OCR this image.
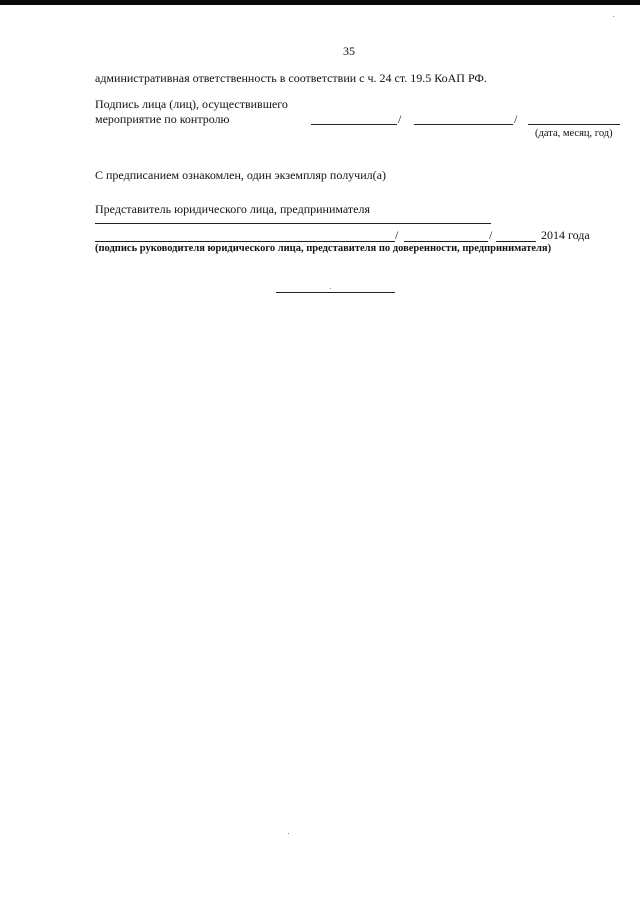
35
административная ответственность в соответствии с ч. 24 ст. 19.5 КоАП РФ.
Подпись лица (лиц), осуществившего
мероприятие по контролю	/	/
(дата, месяц, год)
С предписанием ознакомлен, один экземпляр получил(а)
Представитель юридического лица, предпринимателя
/	/	2014 года
(подпись руководителя юридического лица, представителя по доверенности, предпринимателя)
